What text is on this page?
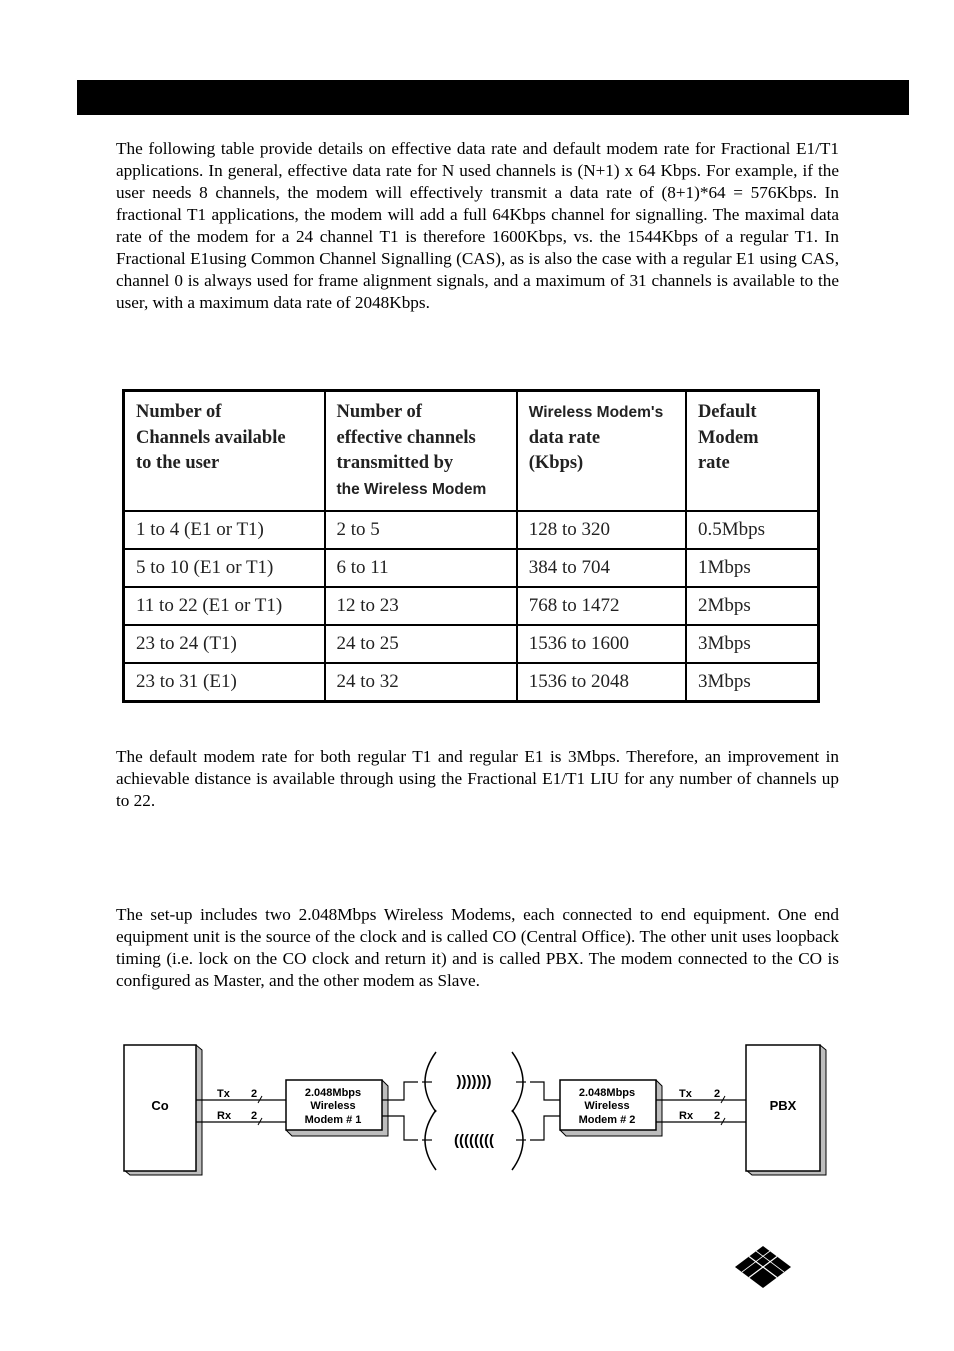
The following table provide details on effective data rate and default modem rate for Fractional E1/T1 applications. In general, effective data rate for N used channels is (N+1) x 64 Kbps. For example, if the user needs 8 channels, the modem will effectively transmit a data rate of (8+1)*64 = 576Kbps. In fractional T1 applications, the modem will add a full 64Kbps channel for signalling. The maximal data rate of the modem for a 24 channel T1 is therefore 1600Kbps, vs. the 1544Kbps of a regular T1. In Fractional E1using Common Channel Signalling (CAS), as is also the case with a regular E1 using CAS, channel 0 is always used for frame alignment signals, and a maximum of 31 channels is available to the user, with a maximum data rate of 2048Kbps.

Number of
Channels available
to the user	Number of
effective channels
transmitted by
the Wireless Modem	Wireless Modem's
data rate
(Kbps)	Default
Modem
rate
1 to 4 (E1 or T1)	2 to 5	128 to 320	0.5Mbps
5 to 10 (E1 or T1)	6 to 11	384 to 704	1Mbps
11 to 22 (E1 or T1)	12 to 23	768 to 1472	2Mbps
23 to 24 (T1)	24 to 25	1536 to 1600	3Mbps
23 to 31 (E1)	24 to 32	1536 to 2048	3Mbps

The default modem rate for both regular T1 and regular E1 is 3Mbps. Therefore, an improvement in achievable distance is available through using the Fractional E1/T1 LIU for any number of channels up to 22.

The set-up includes two 2.048Mbps Wireless Modems, each connected to end equipment. One end equipment unit is the source of the clock and is called CO (Central Office). The other unit uses loopback timing (i.e. lock on the CO clock and return it) and is called PBX. The modem connected to the CO is configured as Master, and the other modem as Slave.

Co
Tx
Rx
2
2
2.048Mbps
Wireless
Modem # 1
)))))))
((((((((
2.048Mbps
Wireless
Modem # 2
Tx
Rx
2
2
PBX
